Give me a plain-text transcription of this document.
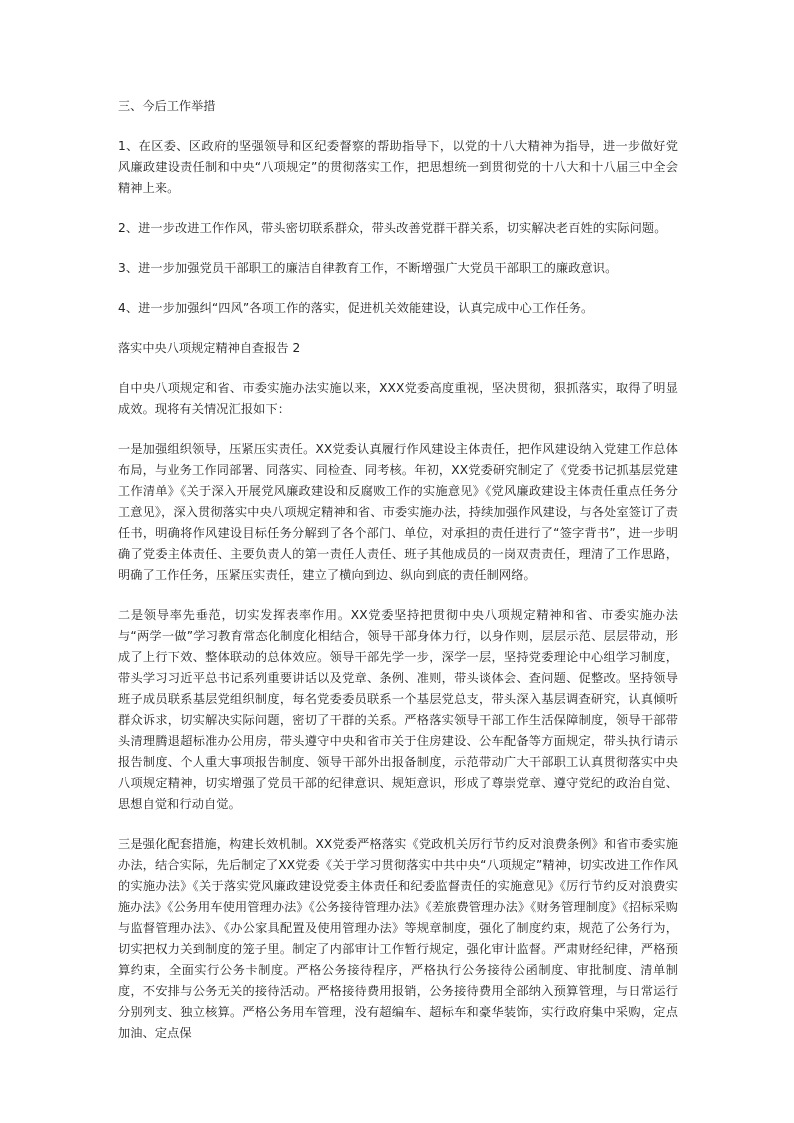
三、今后工作举措

1、在区委、区政府的坚强领导和区纪委督察的帮助指导下，以党的十八大精神为指导，进一步做好党风廉政建设责任制和中央“八项规定”的贯彻落实工作，把思想统一到贯彻党的十八大和十八届三中全会精神上来。

2、进一步改进工作作风，带头密切联系群众，带头改善党群干群关系，切实解决老百姓的实际问题。

3、进一步加强党员干部职工的廉洁自律教育工作，不断增强广大党员干部职工的廉政意识。

4、进一步加强纠“四风”各项工作的落实，促进机关效能建设，认真完成中心工作任务。

落实中央八项规定精神自查报告 2

自中央八项规定和省、市委实施办法实施以来，XXX党委高度重视，坚决贯彻，狠抓落实，取得了明显成效。现将有关情况汇报如下：

一是加强组织领导，压紧压实责任。XX党委认真履行作风建设主体责任，把作风建设纳入党建工作总体布局，与业务工作同部署、同落实、同检查、同考核。年初，XX党委研究制定了《党委书记抓基层党建工作清单》《关于深入开展党风廉政建设和反腐败工作的实施意见》《党风廉政建设主体责任重点任务分工意见》，深入贯彻落实中央八项规定精神和省、市委实施办法，持续加强作风建设，与各处室签订了责任书，明确将作风建设目标任务分解到了各个部门、单位，对承担的责任进行了“签字背书”，进一步明确了党委主体责任、主要负责人的第一责任人责任、班子其他成员的一岗双责责任，理清了工作思路，明确了工作任务，压紧压实责任，建立了横向到边、纵向到底的责任制网络。

二是领导率先垂范，切实发挥表率作用。XX党委坚持把贯彻中央八项规定精神和省、市委实施办法与“两学一做”学习教育常态化制度化相结合，领导干部身体力行，以身作则，层层示范、层层带动，形成了上行下效、整体联动的总体效应。领导干部先学一步，深学一层，坚持党委理论中心组学习制度，带头学习习近平总书记系列重要讲话以及党章、条例、准则，带头谈体会、查问题、促整改。坚持领导班子成员联系基层党组织制度，每名党委委员联系一个基层党总支，带头深入基层调查研究，认真倾听群众诉求，切实解决实际问题，密切了干群的关系。严格落实领导干部工作生活保障制度，领导干部带头清理腾退超标准办公用房，带头遵守中央和省市关于住房建设、公车配备等方面规定，带头执行请示报告制度、个人重大事项报告制度、领导干部外出报备制度，示范带动广大干部职工认真贯彻落实中央八项规定精神，切实增强了党员干部的纪律意识、规矩意识，形成了尊崇党章、遵守党纪的政治自觉、思想自觉和行动自觉。

三是强化配套措施，构建长效机制。XX党委严格落实《党政机关厉行节约反对浪费条例》和省市委实施办法，结合实际，先后制定了XX党委《关于学习贯彻落实中共中央“八项规定”精神，切实改进工作作风的实施办法》《关于落实党风廉政建设党委主体责任和纪委监督责任的实施意见》《厉行节约反对浪费实施办法》《公务用车使用管理办法》《公务接待管理办法》《差旅费管理办法》《财务管理制度》《招标采购与监督管理办法》、《办公家具配置及使用管理办法》等规章制度，强化了制度约束，规范了公务行为，切实把权力关到制度的笼子里。制定了内部审计工作暂行规定，强化审计监督。严肃财经纪律，严格预算约束，全面实行公务卡制度。严格公务接待程序，严格执行公务接待公函制度、审批制度、清单制度，不安排与公务无关的接待活动。严格接待费用报销，公务接待费用全部纳入预算管理，与日常运行分别列支、独立核算。严格公务用车管理，没有超编车、超标车和豪华装饰，实行政府集中采购，定点加油、定点保
